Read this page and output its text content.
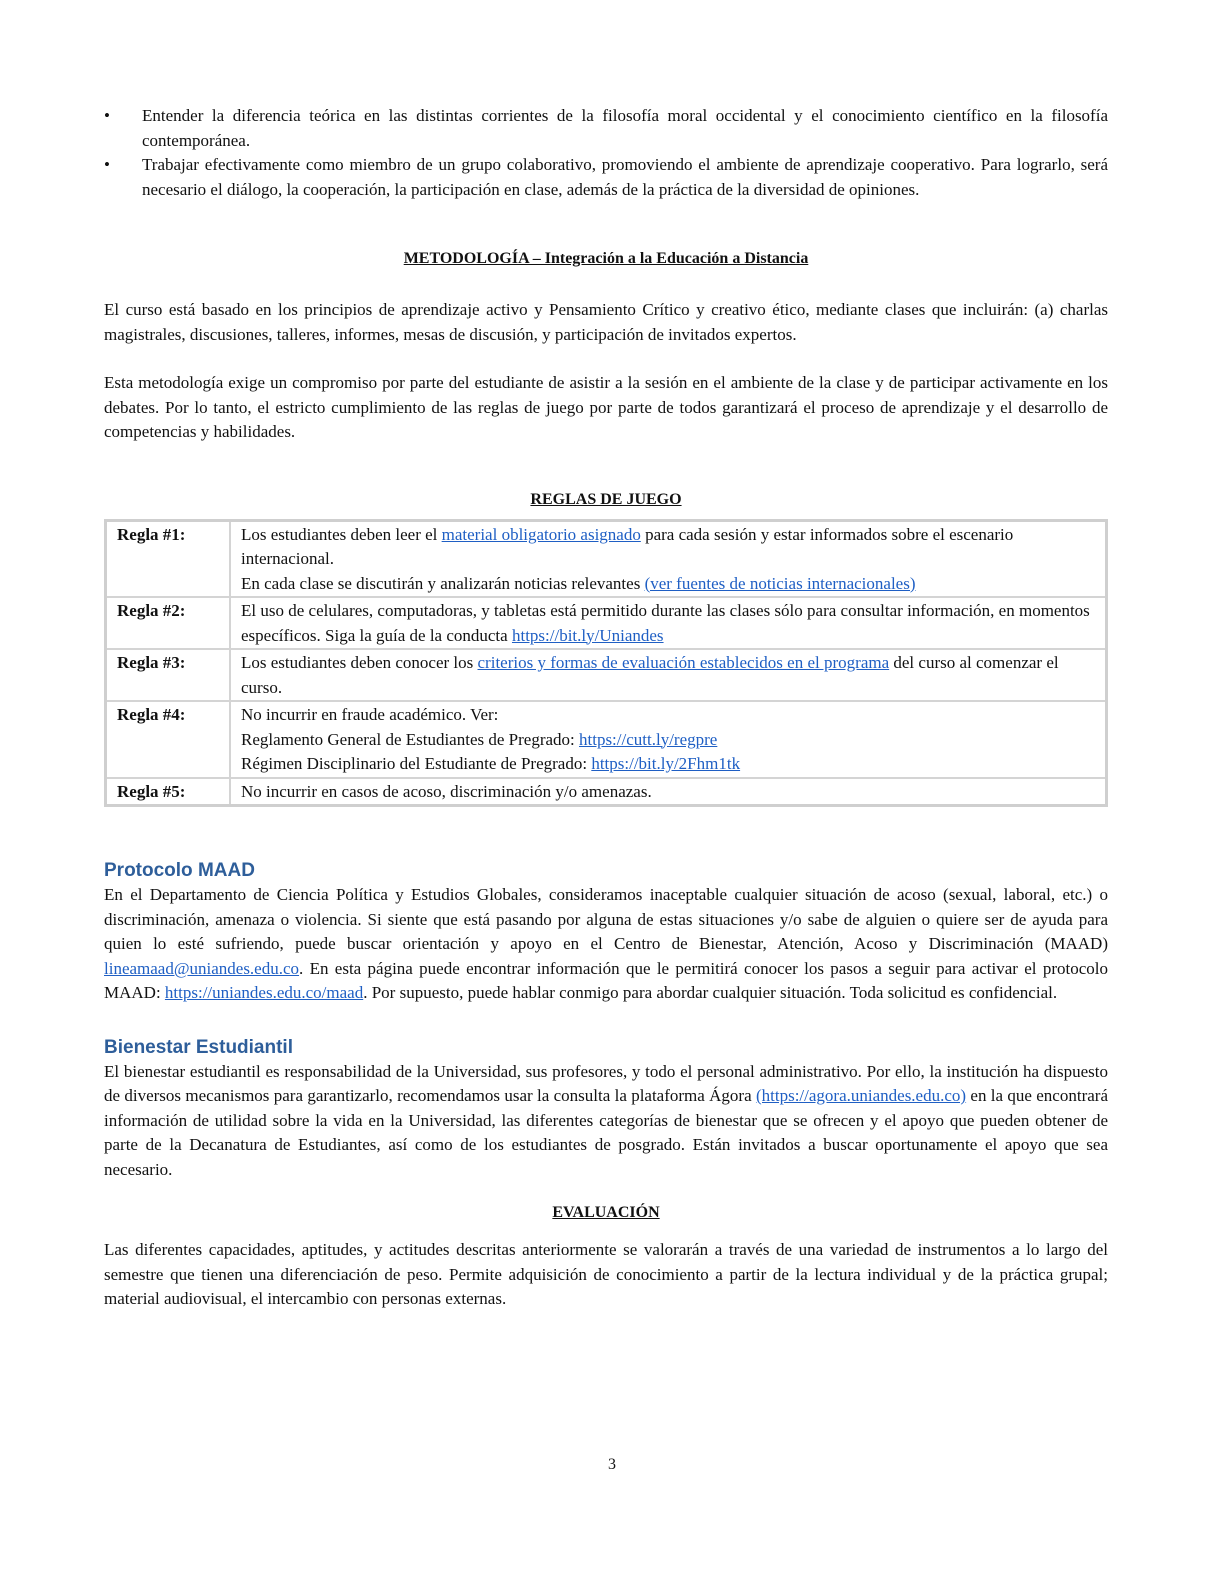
• Entender la diferencia teórica en las distintas corrientes de la filosofía moral occidental y el conocimiento científico en la filosofía contemporánea.
• Trabajar efectivamente como miembro de un grupo colaborativo, promoviendo el ambiente de aprendizaje cooperativo. Para lograrlo, será necesario el diálogo, la cooperación, la participación en clase, además de la práctica de la diversidad de opiniones.
METODOLOGÍA – Integración a la Educación a Distancia

El curso está basado en los principios de aprendizaje activo y Pensamiento Crítico y creativo ético, mediante clases que incluirán: (a) charlas magistrales, discusiones, talleres, informes, mesas de discusión, y participación de invitados expertos.

Esta metodología exige un compromiso por parte del estudiante de asistir a la sesión en el ambiente de la clase y de participar activamente en los debates. Por lo tanto, el estricto cumplimiento de las reglas de juego por parte de todos garantizará el proceso de aprendizaje y el desarrollo de competencias y habilidades.

REGLAS DE JUEGO
Regla #1:	Los estudiantes deben leer el material obligatorio asignado para cada sesión y estar informados sobre el escenario internacional.
En cada clase se discutirán y analizarán noticias relevantes (ver fuentes de noticias internacionales)

Regla #2:	El uso de celulares, computadoras, y tabletas está permitido durante las clases sólo para consultar información, en momentos específicos. Siga la guía de la conducta https://bit.ly/Uniandes

Regla #3:	Los estudiantes deben conocer los criterios y formas de evaluación establecidos en el programa del curso al comenzar el curso.

Regla #4:	No incurrir en fraude académico. Ver:
Reglamento General de Estudiantes de Pregrado: https://cutt.ly/regpre
Régimen Disciplinario del Estudiante de Pregrado: https://bit.ly/2Fhm1tk

Regla #5:	No incurrir en casos de acoso, discriminación y/o amenazas.
Protocolo MAAD

En el Departamento de Ciencia Política y Estudios Globales, consideramos inaceptable cualquier situación de acoso (sexual, laboral, etc.) o discriminación, amenaza o violencia. Si siente que está pasando por alguna de estas situaciones y/o sabe de alguien o quiere ser de ayuda para quien lo esté sufriendo, puede buscar orientación y apoyo en el Centro de Bienestar, Atención, Acoso y Discriminación (MAAD) lineamaad@uniandes.edu.co. En esta página puede encontrar información que le permitirá conocer los pasos a seguir para activar el protocolo MAAD: https://uniandes.edu.co/maad. Por supuesto, puede hablar conmigo para abordar cualquier situación. Toda solicitud es confidencial.

Bienestar Estudiantil

El bienestar estudiantil es responsabilidad de la Universidad, sus profesores, y todo el personal administrativo. Por ello, la institución ha dispuesto de diversos mecanismos para garantizarlo, recomendamos usar la consulta la plataforma Ágora (https://agora.uniandes.edu.co) en la que encontrará información de utilidad sobre la vida en la Universidad, las diferentes categorías de bienestar que se ofrecen y el apoyo que pueden obtener de parte de la Decanatura de Estudiantes, así como de los estudiantes de posgrado. Están invitados a buscar oportunamente el apoyo que sea necesario.

EVALUACIÓN

Las diferentes capacidades, aptitudes, y actitudes descritas anteriormente se valorarán a través de una variedad de instrumentos a lo largo del semestre que tienen una diferenciación de peso. Permite adquisición de conocimiento a partir de la lectura individual y de la práctica grupal; material audiovisual, el intercambio con personas externas.

3
